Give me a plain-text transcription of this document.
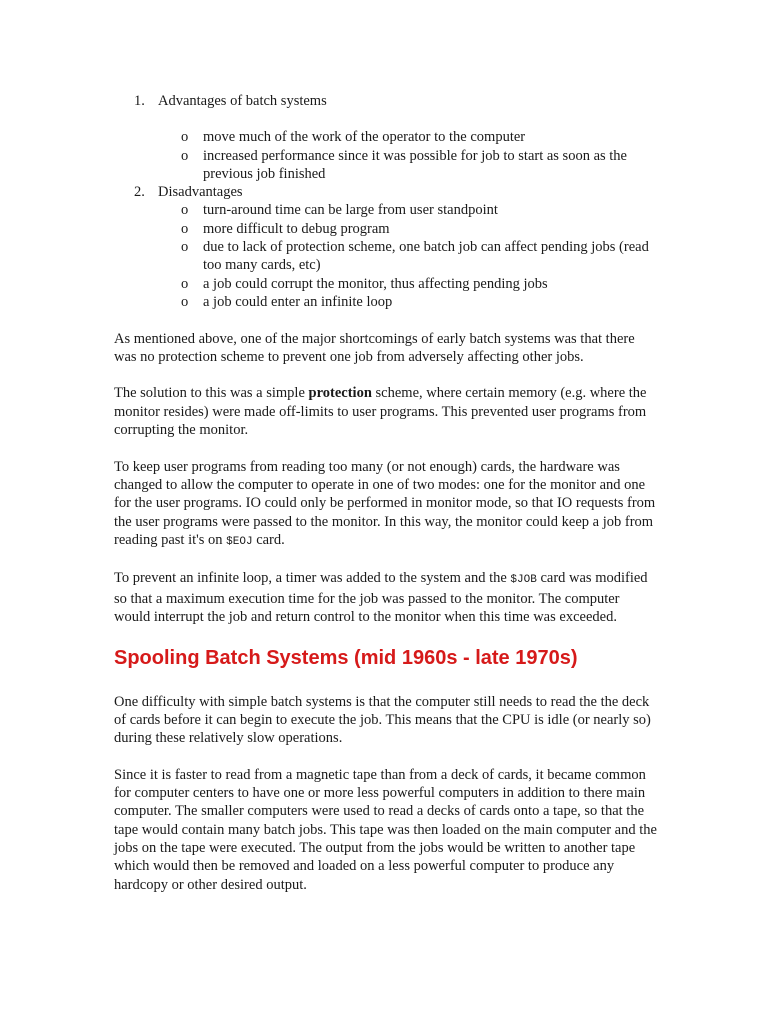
1. Advantages of batch systems
o move much of the work of the operator to the computer
o increased performance since it was possible for job to start as soon as the previous job finished
2. Disadvantages
o turn-around time can be large from user standpoint
o more difficult to debug program
o due to lack of protection scheme, one batch job can affect pending jobs (read too many cards, etc)
o a job could corrupt the monitor, thus affecting pending jobs
o a job could enter an infinite loop

As mentioned above, one of the major shortcomings of early batch systems was that there was no protection scheme to prevent one job from adversely affecting other jobs.

The solution to this was a simple protection scheme, where certain memory (e.g. where the monitor resides) were made off-limits to user programs. This prevented user programs from corrupting the monitor.

To keep user programs from reading too many (or not enough) cards, the hardware was changed to allow the computer to operate in one of two modes: one for the monitor and one for the user programs. IO could only be performed in monitor mode, so that IO requests from the user programs were passed to the monitor. In this way, the monitor could keep a job from reading past it's on $EOJ card.

To prevent an infinite loop, a timer was added to the system and the $JOB card was modified so that a maximum execution time for the job was passed to the monitor. The computer would interrupt the job and return control to the monitor when this time was exceeded.

Spooling Batch Systems (mid 1960s - late 1970s)

One difficulty with simple batch systems is that the computer still needs to read the the deck of cards before it can begin to execute the job. This means that the CPU is idle (or nearly so) during these relatively slow operations.

Since it is faster to read from a magnetic tape than from a deck of cards, it became common for computer centers to have one or more less powerful computers in addition to there main computer. The smaller computers were used to read a decks of cards onto a tape, so that the tape would contain many batch jobs. This tape was then loaded on the main computer and the jobs on the tape were executed. The output from the jobs would be written to another tape which would then be removed and loaded on a less powerful computer to produce any hardcopy or other desired output.
